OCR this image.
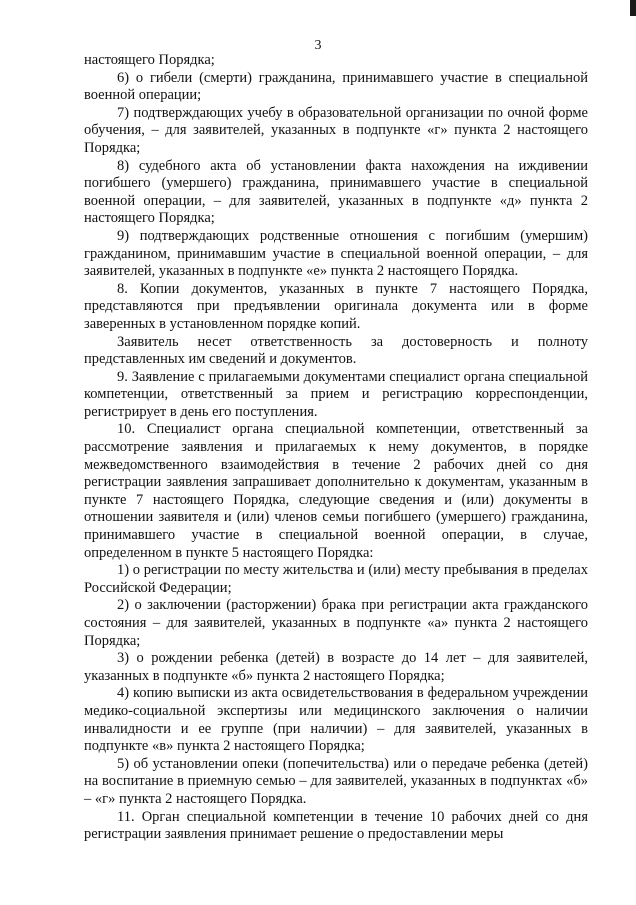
3

настоящего Порядка;

6) о гибели (смерти) гражданина, принимавшего участие в специальной военной операции;

7) подтверждающих учебу в образовательной организации по очной форме обучения, – для заявителей, указанных в подпункте «г» пункта 2 настоящего Порядка;

8) судебного акта об установлении факта нахождения на иждивении погибшего (умершего) гражданина, принимавшего участие в специальной военной операции, – для заявителей, указанных в подпункте «д» пункта 2 настоящего Порядка;

9) подтверждающих родственные отношения с погибшим (умершим) гражданином, принимавшим участие в специальной военной операции, – для заявителей, указанных в подпункте «е» пункта 2 настоящего Порядка.

8. Копии документов, указанных в пункте 7 настоящего Порядка, представляются при предъявлении оригинала документа или в форме заверенных в установленном порядке копий.

Заявитель несет ответственность за достоверность и полноту представленных им сведений и документов.

9. Заявление с прилагаемыми документами специалист органа специальной компетенции, ответственный за прием и регистрацию корреспонденции, регистрирует в день его поступления.

10. Специалист органа специальной компетенции, ответственный за рассмотрение заявления и прилагаемых к нему документов, в порядке межведомственного взаимодействия в течение 2 рабочих дней со дня регистрации заявления запрашивает дополнительно к документам, указанным в пункте 7 настоящего Порядка, следующие сведения и (или) документы в отношении заявителя и (или) членов семьи погибшего (умершего) гражданина, принимавшего участие в специальной военной операции, в случае, определенном в пункте 5 настоящего Порядка:

1) о регистрации по месту жительства и (или) месту пребывания в пределах Российской Федерации;

2) о заключении (расторжении) брака при регистрации акта гражданского состояния – для заявителей, указанных в подпункте «а» пункта 2 настоящего Порядка;

3) о рождении ребенка (детей) в возрасте до 14 лет – для заявителей, указанных в подпункте «б» пункта 2 настоящего Порядка;

4) копию выписки из акта освидетельствования в федеральном учреждении медико-социальной экспертизы или медицинского заключения о наличии инвалидности и ее группе (при наличии) – для заявителей, указанных в подпункте «в» пункта 2 настоящего Порядка;

5) об установлении опеки (попечительства) или о передаче ребенка (детей) на воспитание в приемную семью – для заявителей, указанных в подпунктах «б» – «г» пункта 2 настоящего Порядка.

11. Орган специальной компетенции в течение 10 рабочих дней со дня регистрации заявления принимает решение о предоставлении меры
